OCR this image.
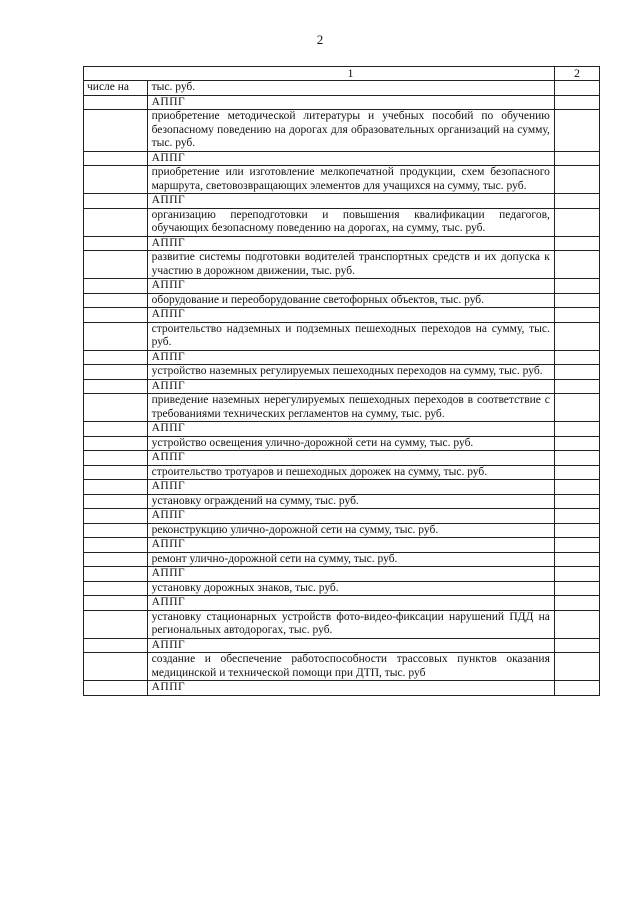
2
	1	2
числе на	тыс. руб.	
	АППГ	
	приобретение методической литературы и учебных пособий по обучению безопасному поведению на дорогах для образовательных организаций на сумму, тыс. руб.	
	АППГ	
	приобретение или изготовление мелкопечатной продукции, схем безопасного маршрута, световозвращающих элементов для учащихся на сумму, тыс. руб.	
	АППГ	
	организацию переподготовки и повышения квалификации педагогов, обучающих безопасному поведению на дорогах, на сумму, тыс. руб.	
	АППГ	
	развитие системы подготовки водителей транспортных средств и их допуска к участию в дорожном движении, тыс. руб.	
	АППГ	
	оборудование и переоборудование светофорных объектов, тыс. руб.	
	АППГ	
	строительство надземных и подземных пешеходных переходов на сумму, тыс. руб.	
	АППГ	
	устройство наземных регулируемых пешеходных переходов на сумму, тыс. руб.	
	АППГ	
	приведение наземных нерегулируемых пешеходных переходов в соответствие с требованиями технических регламентов на сумму, тыс. руб.	
	АППГ	
	устройство освещения улично-дорожной сети на сумму, тыс. руб.	
	АППГ	
	строительство тротуаров и пешеходных дорожек на сумму, тыс. руб.	
	АППГ	
	установку ограждений на сумму, тыс. руб.	
	АППГ	
	реконструкцию улично-дорожной сети на сумму, тыс. руб.	
	АППГ	
	ремонт улично-дорожной сети на сумму, тыс. руб.	
	АППГ	
	установку дорожных знаков, тыс. руб.	
	АППГ	
	установку стационарных устройств фото-видео-фиксации нарушений ПДД на региональных автодорогах, тыс. руб.	
	АППГ	
	создание и обеспечение работоспособности трассовых пунктов оказания медицинской и технической помощи при ДТП, тыс. руб	
	АППГ	
